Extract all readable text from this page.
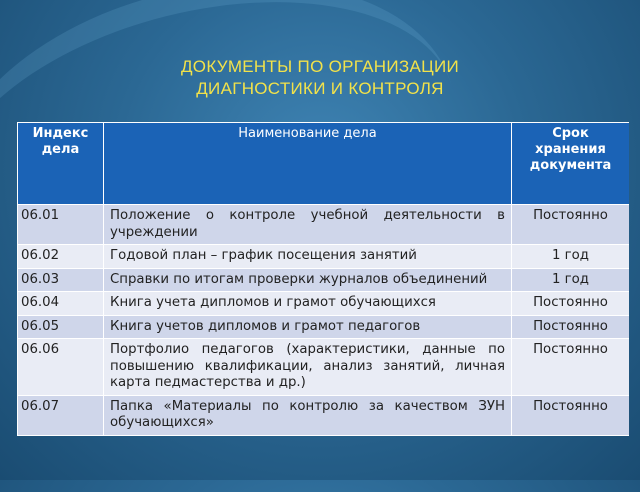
ДОКУМЕНТЫ ПО ОРГАНИЗАЦИИ
ДИАГНОСТИКИ И КОНТРОЛЯ
Индекс дела	Наименование дела	Срок хранения документа
06.01	Положение о контроле учебной деятельности в учреждении	Постоянно
06.02	Годовой план – график посещения занятий	1 год
06.03	Справки по итогам проверки журналов объединений	1 год
06.04	Книга учета дипломов и грамот обучающихся	Постоянно
06.05	Книга учетов дипломов и грамот педагогов	Постоянно
06.06	Портфолио педагогов (характеристики, данные по повышению квалификации, анализ занятий, личная карта педмастерства и др.)	Постоянно
06.07	Папка «Материалы по контролю за качеством ЗУН обучающихся»	Постоянно
